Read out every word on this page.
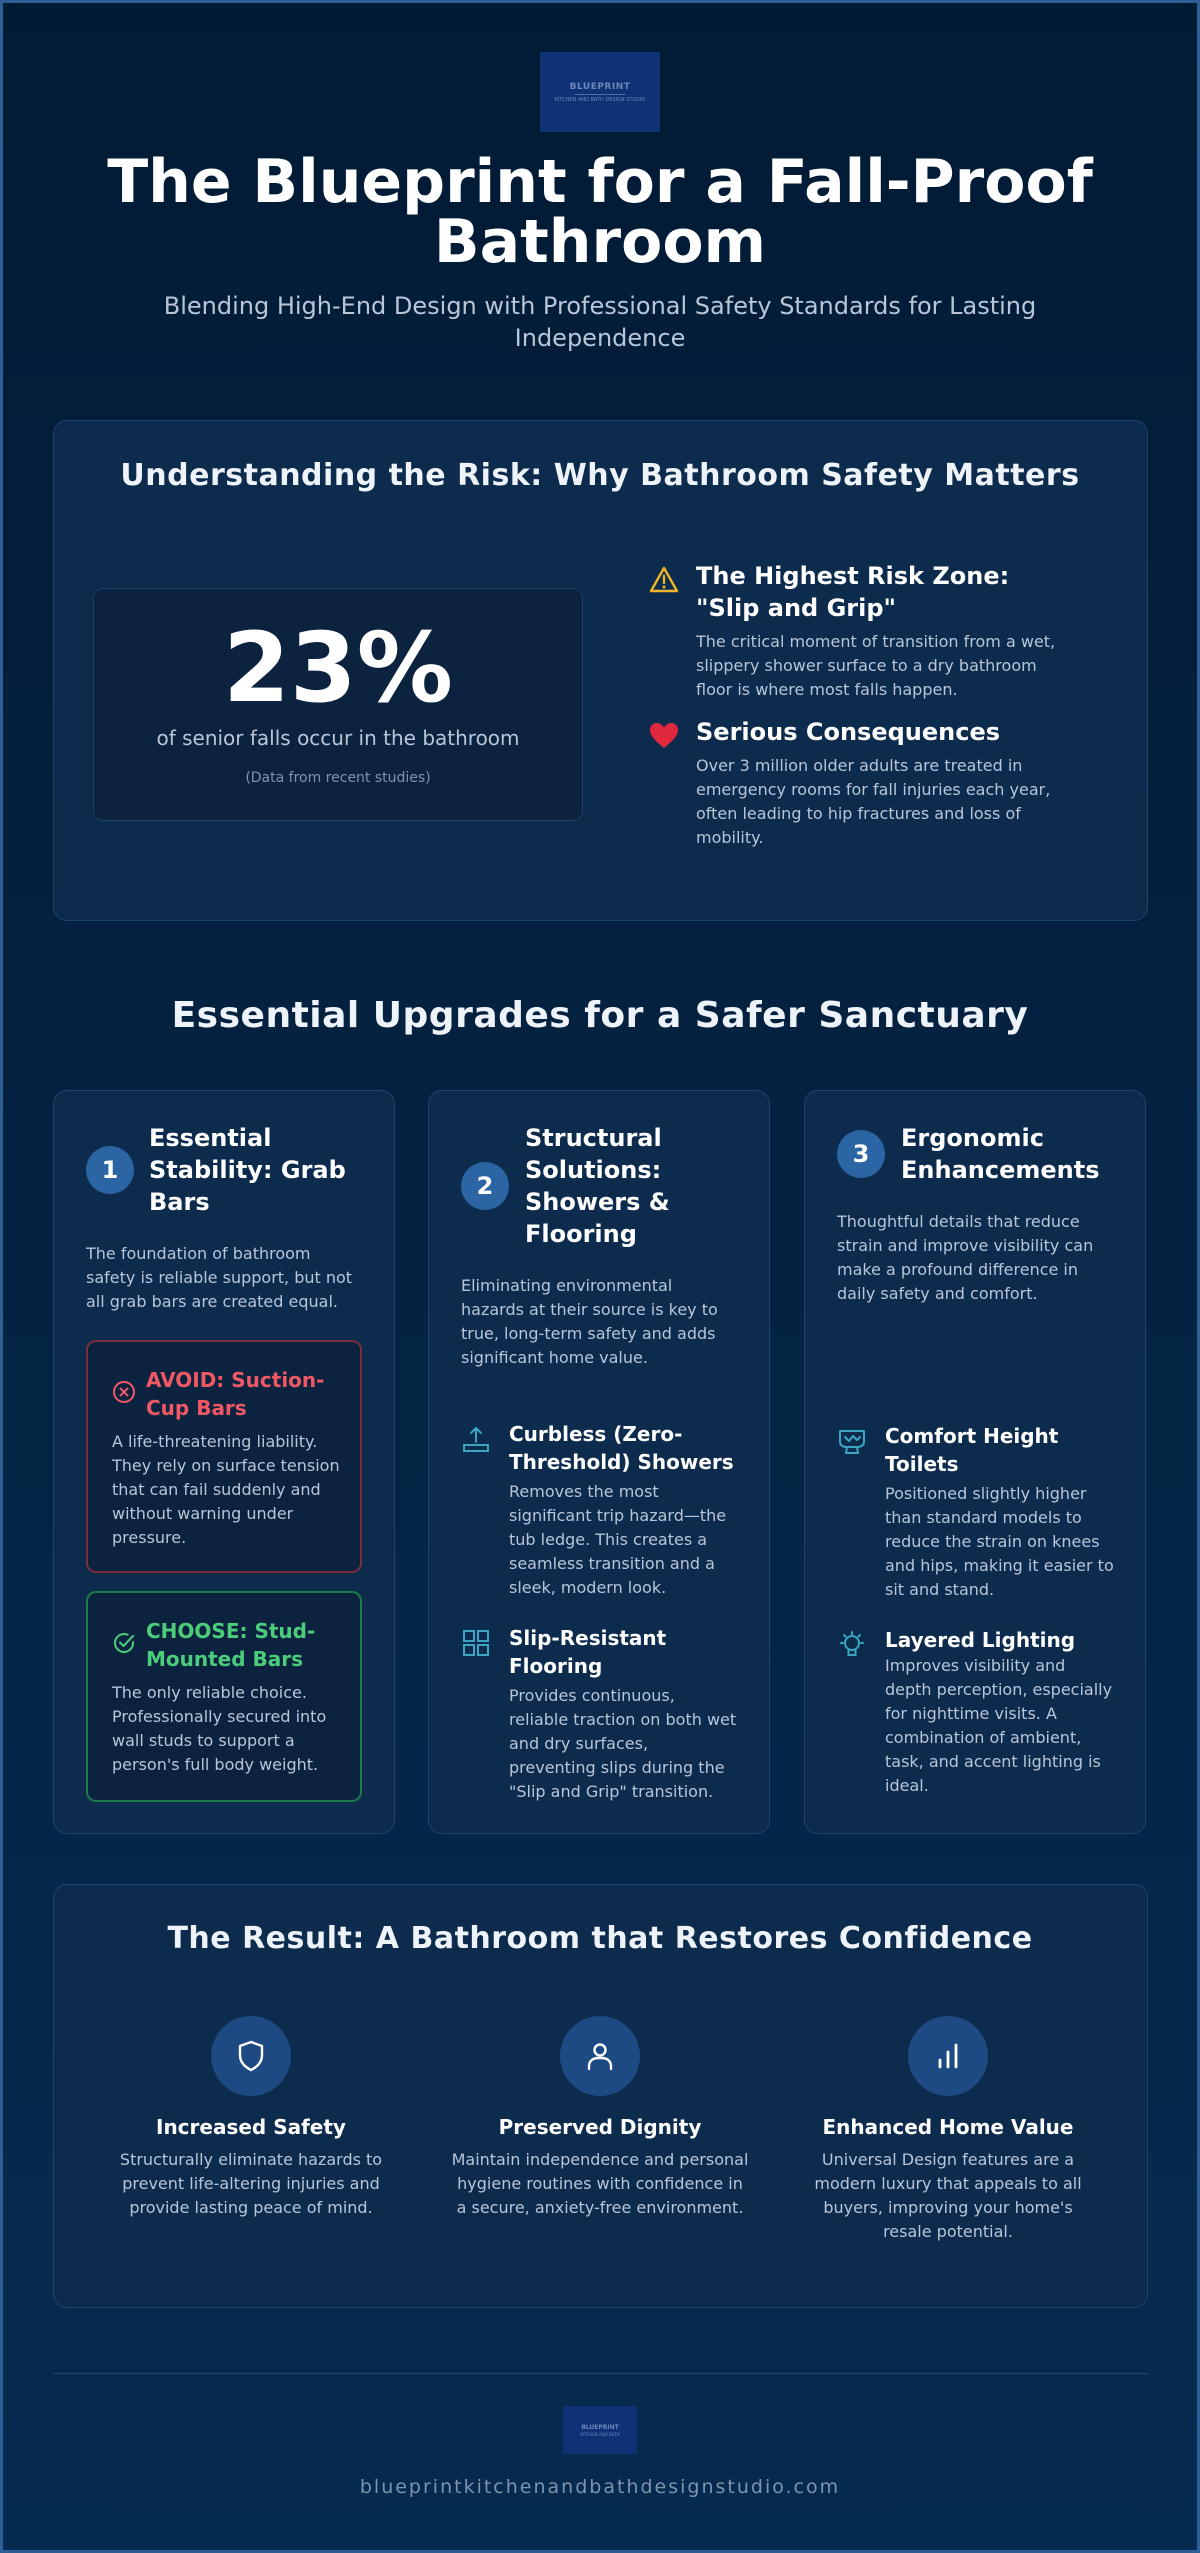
BLUEPRINT
KITCHEN AND BATH DESIGN STUDIO
The Blueprint for a Fall-Proof Bathroom
Blending High-End Design with Professional Safety Standards for Lasting Independence
Understanding the Risk: Why Bathroom Safety Matters
23%
of senior falls occur in the bathroom
(Data from recent studies)
The Highest Risk Zone: "Slip and Grip"

The critical moment of transition from a wet, slippery shower surface to a dry bathroom floor is where most falls happen.

Serious Consequences

Over 3 million older adults are treated in emergency rooms for fall injuries each year, often leading to hip fractures and loss of mobility.

Essential Upgrades for a Safer Sanctuary
1
Essential Stability: Grab Bars
The foundation of bathroom safety is reliable support, but not all grab bars are created equal.
AVOID: Suction-Cup Bars

A life-threatening liability. They rely on surface tension that can fail suddenly and without warning under pressure.

CHOOSE: Stud-Mounted Bars

The only reliable choice. Professionally secured into wall studs to support a person's full body weight.

2
Structural Solutions: Showers & Flooring
Eliminating environmental hazards at their source is key to true, long-term safety and adds significant home value.
Curbless (Zero-Threshold) Showers

Removes the most significant trip hazard—the tub ledge. This creates a seamless transition and a sleek, modern look.

Slip-Resistant Flooring

Provides continuous, reliable traction on both wet and dry surfaces, preventing slips during the "Slip and Grip" transition.

3
Ergonomic Enhancements
Thoughtful details that reduce strain and improve visibility can make a profound difference in daily safety and comfort.
Comfort Height Toilets

Positioned slightly higher than standard models to reduce the strain on knees and hips, making it easier to sit and stand.

Layered Lighting

Improves visibility and depth perception, especially for nighttime visits. A combination of ambient, task, and accent lighting is ideal.

The Result: A Bathroom that Restores Confidence
Increased Safety

Structurally eliminate hazards to prevent life-altering injuries and provide lasting peace of mind.

Preserved Dignity

Maintain independence and personal hygiene routines with confidence in a secure, anxiety-free environment.

Enhanced Home Value

Universal Design features are a modern luxury that appeals to all buyers, improving your home's resale potential.

BLUEPRINT
KITCHEN AND BATH
blueprintkitchenandbathdesignstudio.com
